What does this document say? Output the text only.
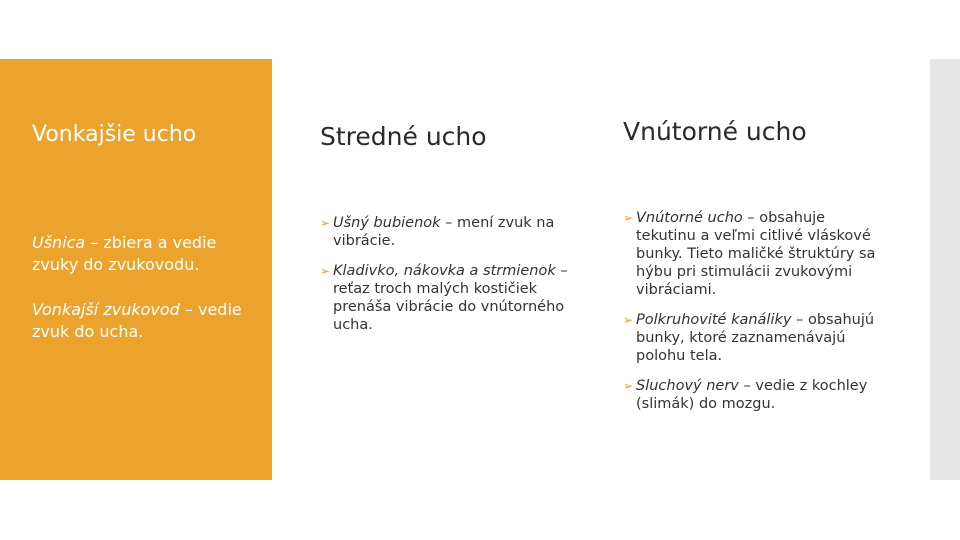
Vonkajšie ucho
Ušnica – zbiera a vedie zvuky do zvukovodu.
Vonkajší zvukovod – vedie zvuk do ucha.
Stredné ucho
➢ Ušný bubienok – mení zvuk na vibrácie.
➢ Kladivko, nákovka a strmienok – reťaz troch malých kostičiek prenáša vibrácie do vnútorného ucha.
Vnútorné ucho
➢ Vnútorné ucho – obsahuje tekutinu a veľmi citlivé vláskové bunky. Tieto maličké štruktúry sa hýbu pri stimulácii zvukovými vibráciami.
➢ Polkruhovité kanáliky – obsahujú bunky, ktoré zaznamenávajú polohu tela.
➢ Sluchový nerv – vedie z kochley (slimák) do mozgu.
